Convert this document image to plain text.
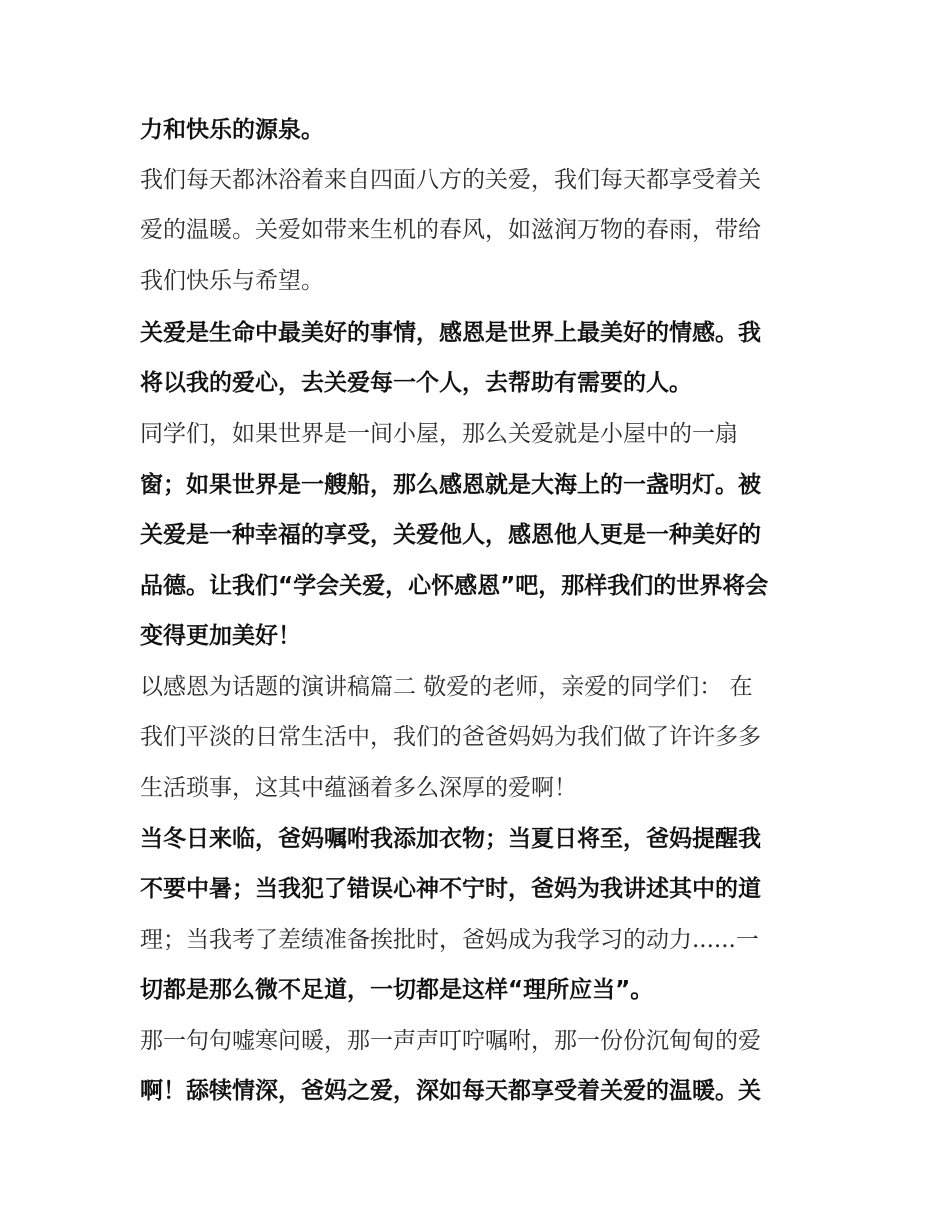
力和快乐的源泉。
我们每天都沐浴着来自四面八方的关爱，我们每天都享受着关
爱的温暖。关爱如带来生机的春风，如滋润万物的春雨，带给
我们快乐与希望。
关爱是生命中最美好的事情，感恩是世界上最美好的情感。我
将以我的爱心，去关爱每一个人，去帮助有需要的人。
同学们，如果世界是一间小屋，那么关爱就是小屋中的一扇
窗；如果世界是一艘船，那么感恩就是大海上的一盏明灯。被
关爱是一种幸福的享受，关爱他人，感恩他人更是一种美好的
品德。让我们“学会关爱，心怀感恩”吧，那样我们的世界将会
变得更加美好！
以感恩为话题的演讲稿篇二 敬爱的老师，亲爱的同学们： 在
我们平淡的日常生活中，我们的爸爸妈妈为我们做了许许多多
生活琐事，这其中蕴涵着多么深厚的爱啊！
当冬日来临，爸妈嘱咐我添加衣物；当夏日将至，爸妈提醒我
不要中暑；当我犯了错误心神不宁时，爸妈为我讲述其中的道
理；当我考了差绩准备挨批时，爸妈成为我学习的动力......一
切都是那么微不足道，一切都是这样“理所应当”。
那一句句嘘寒问暖，那一声声叮咛嘱咐，那一份份沉甸甸的爱
啊！舔犊情深，爸妈之爱，深如每天都享受着关爱的温暖。关
